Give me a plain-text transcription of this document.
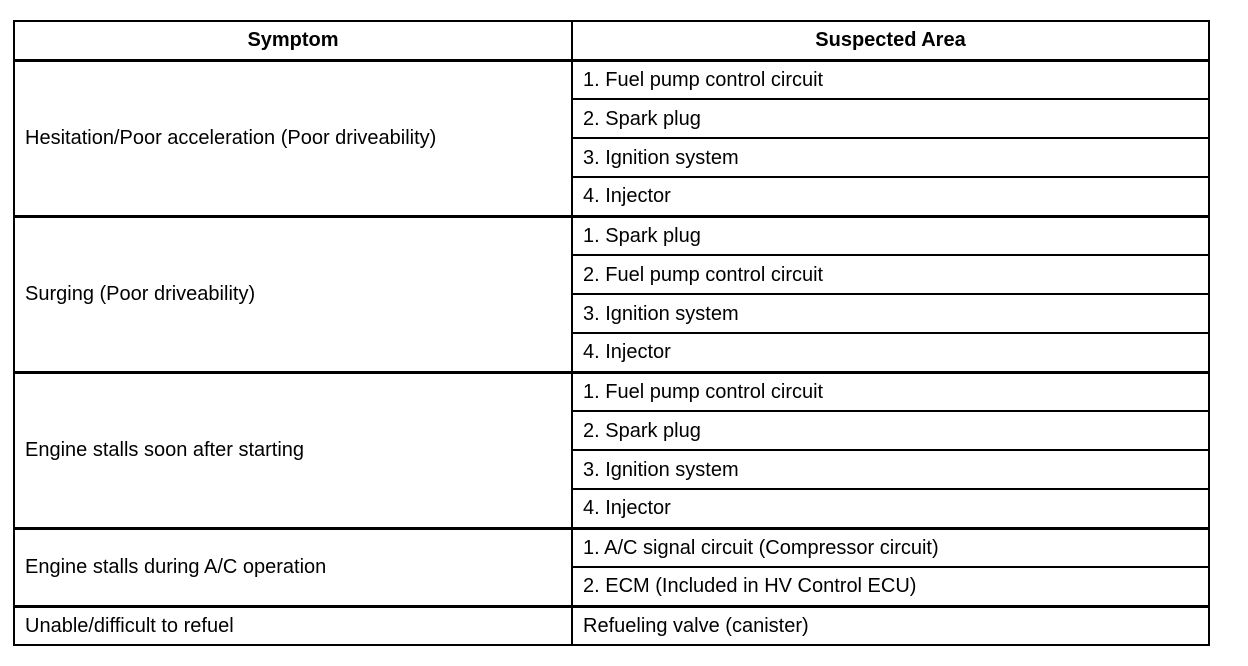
Symptom	Suspected Area
Hesitation/Poor acceleration (Poor driveability)	1. Fuel pump control circuit
	2. Spark plug
	3. Ignition system
	4. Injector
Surging (Poor driveability)	1. Spark plug
	2. Fuel pump control circuit
	3. Ignition system
	4. Injector
Engine stalls soon after starting	1. Fuel pump control circuit
	2. Spark plug
	3. Ignition system
	4. Injector
Engine stalls during A/C operation	1. A/C signal circuit (Compressor circuit)
	2. ECM (Included in HV Control ECU)
Unable/difficult to refuel	Refueling valve (canister)
